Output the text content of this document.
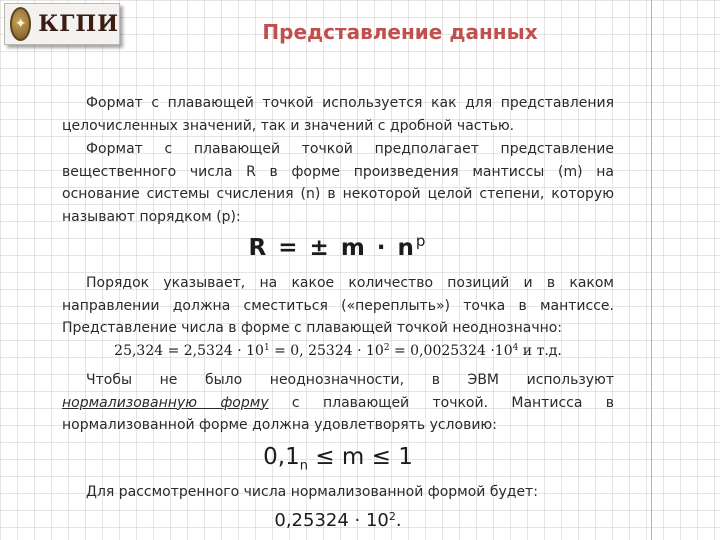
✦ КГПИ	Представление данных
Формат с плавающей точкой используется как для представления целочисленных значений, так и значений с дробной частью.
Формат с плавающей точкой предполагает представление вещественного числа R в форме произведения мантиссы (m) на основание системы счисления (n) в некоторой целой степени, которую называют порядком (p):
R = ± $m \cdot n^p$
Порядок указывает, на какое количество позиций и в каком направлении должна сместиться («переплыть») точка в мантиссе. Представление числа в форме с плавающей точкой неоднозначно:
$25,324 = 2,5324 \cdot 10^1 = 0$, $25324 \cdot 10^2 = 0,0025324 \cdot 10^4$ и т.д.
Чтобы не было неоднозначности, в ЭВМ используют нормализованную форму с плавающей точкой. Мантисса в нормализованной форме должна удовлетворять условию:
$0,1_n \le m \le 1$
Для рассмотренного числа нормализованной формой будет:
$0,25324 \cdot 10^2$.
